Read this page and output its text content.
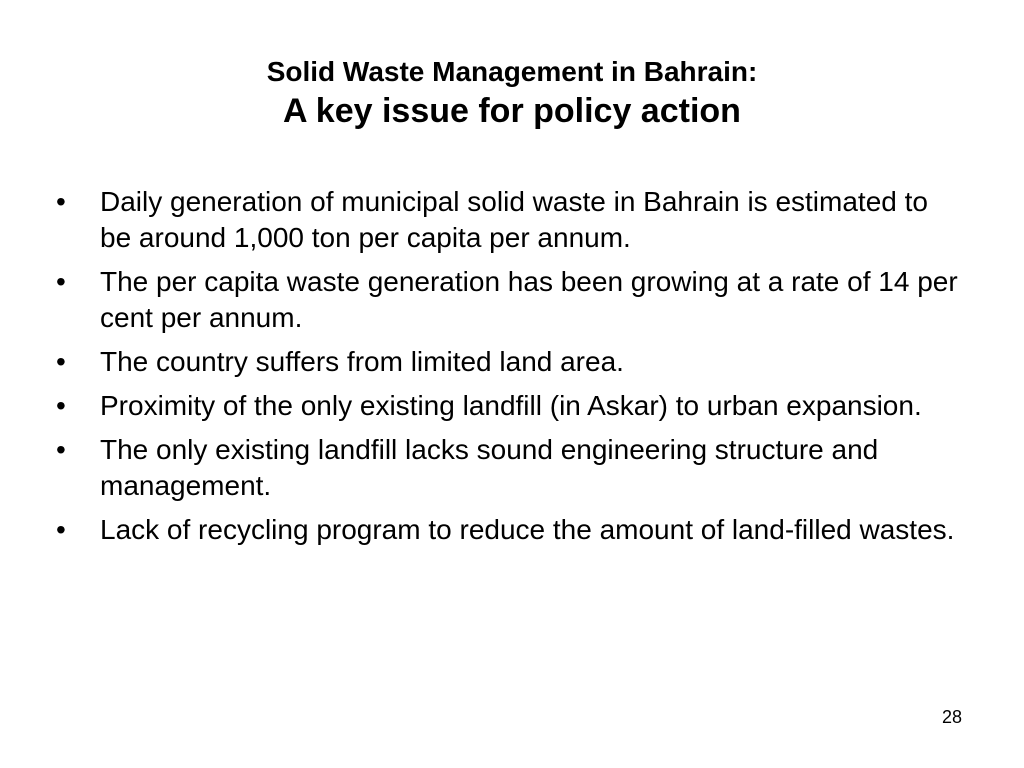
Solid Waste Management in Bahrain:
A key issue for policy action
•	Daily generation of municipal solid waste in Bahrain is estimated to be around 1,000 ton per capita per annum.
•	The per capita waste generation has been growing at a rate of 14 per cent per annum.
•	The country suffers from limited land area.
•	Proximity of the only existing landfill (in Askar) to urban expansion.
•	The only existing landfill lacks sound engineering structure and management.
•	Lack of recycling program to reduce the amount of land-filled wastes.
28
